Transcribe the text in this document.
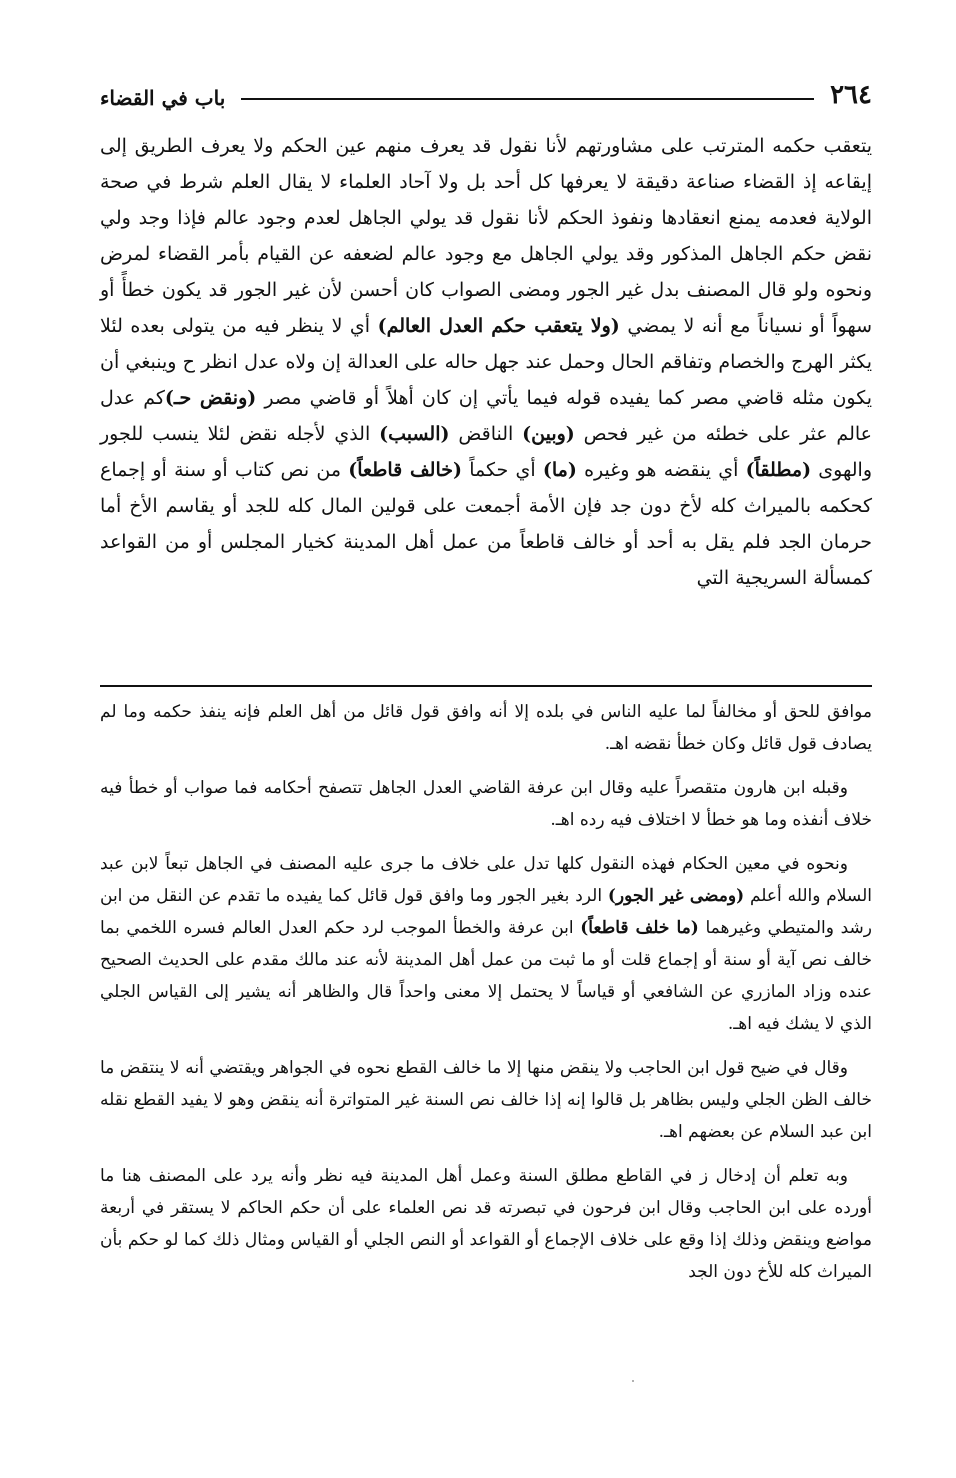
٢٦٤
باب في القضاء
يتعقب حكمه المترتب على مشاورتهم لأنا نقول قد يعرف منهم عين الحكم ولا يعرف الطريق إلى إيقاعه إذ القضاء صناعة دقيقة لا يعرفها كل أحد بل ولا آحاد العلماء لا يقال العلم شرط في صحة الولاية فعدمه يمنع انعقادها ونفوذ الحكم لأنا نقول قد يولي الجاهل لعدم وجود عالم فإذا وجد ولي نقض حكم الجاهل المذكور وقد يولي الجاهل مع وجود عالم لضعفه عن القيام بأمر القضاء لمرض ونحوه ولو قال المصنف بدل غير الجور ومضى الصواب كان أحسن لأن غير الجور قد يكون خطأً أو سهواً أو نسياناً مع أنه لا يمضي (ولا يتعقب حكم العدل العالم) أي لا ينظر فيه من يتولى بعده لئلا يكثر الهرج والخصام وتفاقم الحال وحمل عند جهل حاله على العدالة إن ولاه عدل انظر ح وينبغي أن يكون مثله قاضي مصر كما يفيده قوله فيما يأتي إن كان أهلاً أو قاضي مصر (ونقض حـ)كم عدل عالم عثر على خطئه من غير فحص (وبين) الناقض (السبب) الذي لأجله نقض لئلا ينسب للجور والهوى (مطلقاً) أي ينقضه هو وغيره (ما) أي حكماً (خالف قاطعاً) من نص كتاب أو سنة أو إجماع كحكمه بالميراث كله لأخ دون جد فإن الأمة أجمعت على قولين المال كله للجد أو يقاسم الأخ أما حرمان الجد فلم يقل به أحد أو خالف قاطعاً من عمل أهل المدينة كخيار المجلس أو من القواعد كمسألة السريجية التي

موافق للحق أو مخالفاً لما عليه الناس في بلده إلا أنه وافق قول قائل من أهل العلم فإنه ينفذ حكمه وما لم يصادف قول قائل وكان خطأ نقضه اهـ.

وقبله ابن هارون متقصراً عليه وقال ابن عرفة القاضي العدل الجاهل تتصفح أحكامه فما صواب أو خطأ فيه خلاف أنفذه وما هو خطأ لا اختلاف فيه رده اهـ.

ونحوه في معين الحكام فهذه النقول كلها تدل على خلاف ما جرى عليه المصنف في الجاهل تبعاً لابن عبد السلام والله أعلم (ومضى غير الجور) الرد بغير الجور وما وافق قول قائل كما يفيده ما تقدم عن النقل من ابن رشد والمتيطي وغيرهما (ما خلف قاطعاً) ابن عرفة والخطأ الموجب لرد حكم العدل العالم فسره اللخمي بما خالف نص آية أو سنة أو إجماع قلت أو ما ثبت من عمل أهل المدينة لأنه عند مالك مقدم على الحديث الصحيح عنده وزاد المازري عن الشافعي أو قياساً لا يحتمل إلا معنى واحداً قال والظاهر أنه يشير إلى القياس الجلي الذي لا يشك فيه اهـ.

وقال في ضيح قول ابن الحاجب ولا ينقض منها إلا ما خالف القطع نحوه في الجواهر ويقتضي أنه لا ينتقض ما خالف الظن الجلي وليس بظاهر بل قالوا إنه إذا خالف نص السنة غير المتواترة أنه ينقض وهو لا يفيد القطع نقله ابن عبد السلام عن بعضهم اهـ.

وبه تعلم أن إدخال ز في القاطع مطلق السنة وعمل أهل المدينة فيه نظر وأنه يرد على المصنف هنا ما أورده على ابن الحاجب وقال ابن فرحون في تبصرته قد نص العلماء على أن حكم الحاكم لا يستقر في أربعة مواضع وينقض وذلك إذا وقع على خلاف الإجماع أو القواعد أو النص الجلي أو القياس ومثال ذلك كما لو حكم بأن الميراث كله للأخ دون الجد
